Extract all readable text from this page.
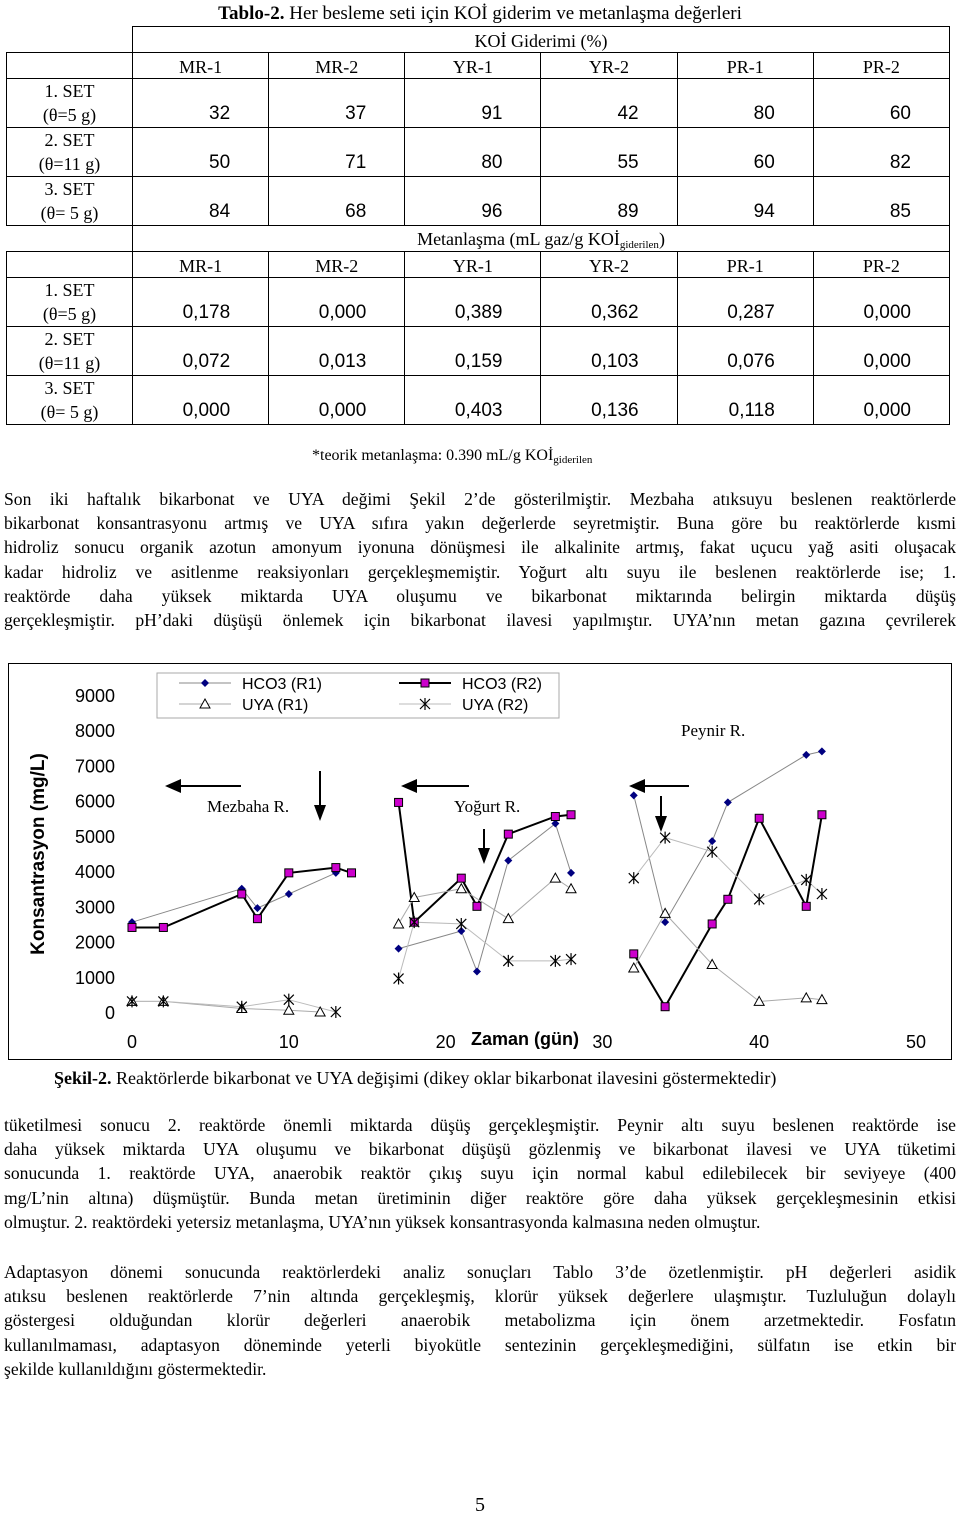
Tablo-2. Her besleme seti için KOİ giderim ve metanlaşma değerleri
	KOİ Giderimi (%)					
	MR-1	MR-2	YR-1	YR-2	PR-1	PR-2

1. SET
(θ=5 g)	32	37	91	42	80	60

2. SET
(θ=11 g)	50	71	80	55	60	82

3. SET
(θ= 5 g)	84	68	96	89	94	85
	Metanlaşma (mL gaz/g $KOİ_{giderilen}$)					
	MR-1	MR-2	YR-1	YR-2	PR-1	PR-2

1. SET
(θ=5 g)	0,178	0,000	0,389	0,362	0,287	0,000

2. SET
(θ=11 g)	0,072	0,013	0,159	0,103	0,076	0,000

3. SET
(θ= 5 g)	0,000	0,000	0,403	0,136	0,118	0,000
*teorik metanlaşma: 0.390 mL/g $KOİ_{giderilen}$
Son iki haftalık bikarbonat ve UYA değimi Şekil 2’de gösterilmiştir. Mezbaha atıksuyu beslenen reaktörlerde
bikarbonat konsantrasyonu artmış ve UYA sıfıra yakın değerlerde seyretmiştir. Buna göre bu reaktörlerde kısmi
hidroliz sonucu organik azotun amonyum iyonuna dönüşmesi ile alkalinite artmış, fakat uçucu yağ asiti oluşacak
kadar hidroliz ve asitlenme reaksiyonları gerçekleşmemiştir. Yoğurt altı suyu ile beslenen reaktörlerde ise; 1.
reaktörde daha yüksek miktarda UYA oluşumu ve bikarbonat miktarında belirgin miktarda düşüş
gerçekleşmiştir. pH’daki düşüşü önlemek için bikarbonat ilavesi yapılmıştır. UYA’nın metan gazına çevrilerek
0
1000
2000
3000
4000
5000
6000
7000
8000
9000
0	10	30	40	50
20 Zaman (gün)
Konsantrasyon (mg/L)
HCO3 (R1)	HCO3 (R2)
UYA (R1)	UYA (R2)
Mezbaha R.	Yoğurt R.
Peynir R.
Şekil-2. Reaktörlerde bikarbonat ve UYA değişimi (dikey oklar bikarbonat ilavesini göstermektedir)
tüketilmesi sonucu 2. reaktörde önemli miktarda düşüş gerçekleşmiştir. Peynir altı suyu beslenen reaktörde ise
daha yüksek miktarda UYA oluşumu ve bikarbonat düşüşü gözlenmiş ve bikarbonat ilavesi ve UYA tüketimi
sonucunda 1. reaktörde UYA, anaerobik reaktör çıkış suyu için normal kabul edilebilecek bir seviyeye (400
mg/L’nin altına) düşmüştür. Bunda metan üretiminin diğer reaktöre göre daha yüksek gerçekleşmesinin etkisi
olmuştur. 2. reaktördeki yetersiz metanlaşma, UYA’nın yüksek konsantrasyonda kalmasına neden olmuştur.
Adaptasyon dönemi sonucunda reaktörlerdeki analiz sonuçları Tablo 3’de özetlenmiştir. pH değerleri asidik
atıksu beslenen reaktörlerde 7’nin altında gerçekleşmiş, klorür yüksek değerlere ulaşmıştır. Tuzluluğun dolaylı
göstergesi olduğundan klorür değerleri anaerobik metabolizma için önem arzetmektedir. Fosfatın
kullanılmaması, adaptasyon döneminde yeterli biyokütle sentezinin gerçekleşmediğini, sülfatın ise etkin bir
şekilde kullanıldığını göstermektedir.
5
